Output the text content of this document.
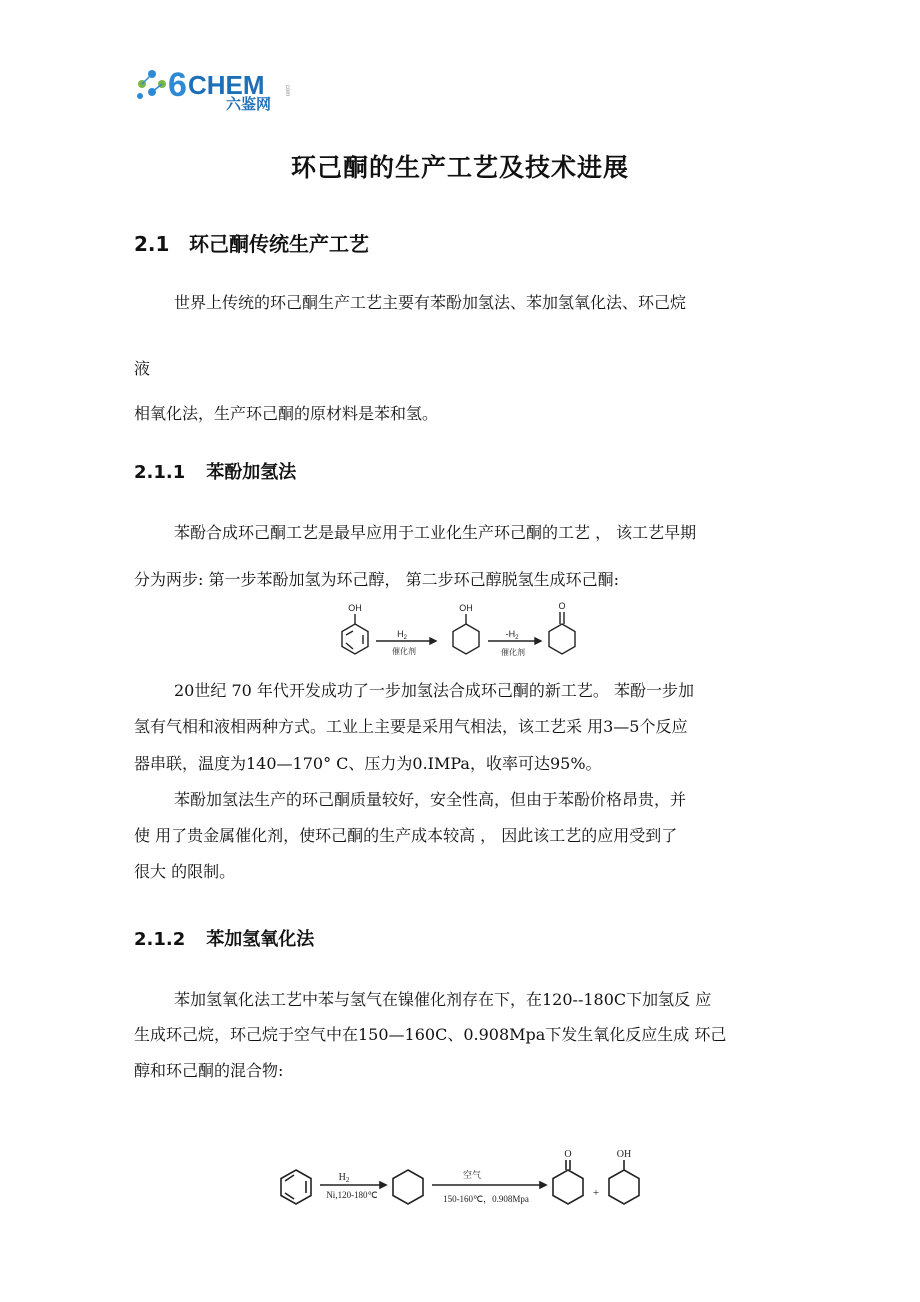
6 CHEM
六鉴网
com
环己酮的生产工艺及技术进展
2.1 环己酮传统生产工艺
世界上传统的环己酮生产工艺主要有苯酚加氢法、苯加氢氧化法、环己烷
液
相氧化法，生产环己酮的原材料是苯和氢。
2.1.1 苯酚加氢法
苯酚合成环己酮工艺是最早应用于工业化生产环己酮的工艺 ， 该工艺早期
分为两步: 第一步苯酚加氢为环己醇， 第二步环己醇脱氢生成环己酮:
OH	OH	O
$H_2$
催化剂
$-H_2$
催化剂
20世纪 70 年代开发成功了一步加氢法合成环己酮的新工艺。 苯酚一步加
氢有气相和液相两种方式。工业上主要是采用气相法，该工艺采 用3—5个反应
器串联，温度为140—170° C、压力为0.IMPa，收率可达95%。
苯酚加氢法生产的环己酮质量较好，安全性高，但由于苯酚价格昂贵，并
使 用了贵金属催化剂，使环己酮的生产成本较高 ， 因此该工艺的应用受到了
很大 的限制。
2.1.2 苯加氢氧化法
苯加氢氧化法工艺中苯与氢气在镍催化剂存在下，在120--180C下加氢反 应
生成环己烷，环己烷于空气中在150—160C、0.908Mpa下发生氧化反应生成 环己
醇和环己酮的混合物:
O	OH
+
$H_2$
Ni,120-180℃
空气
150-160℃，0.908Mpa
